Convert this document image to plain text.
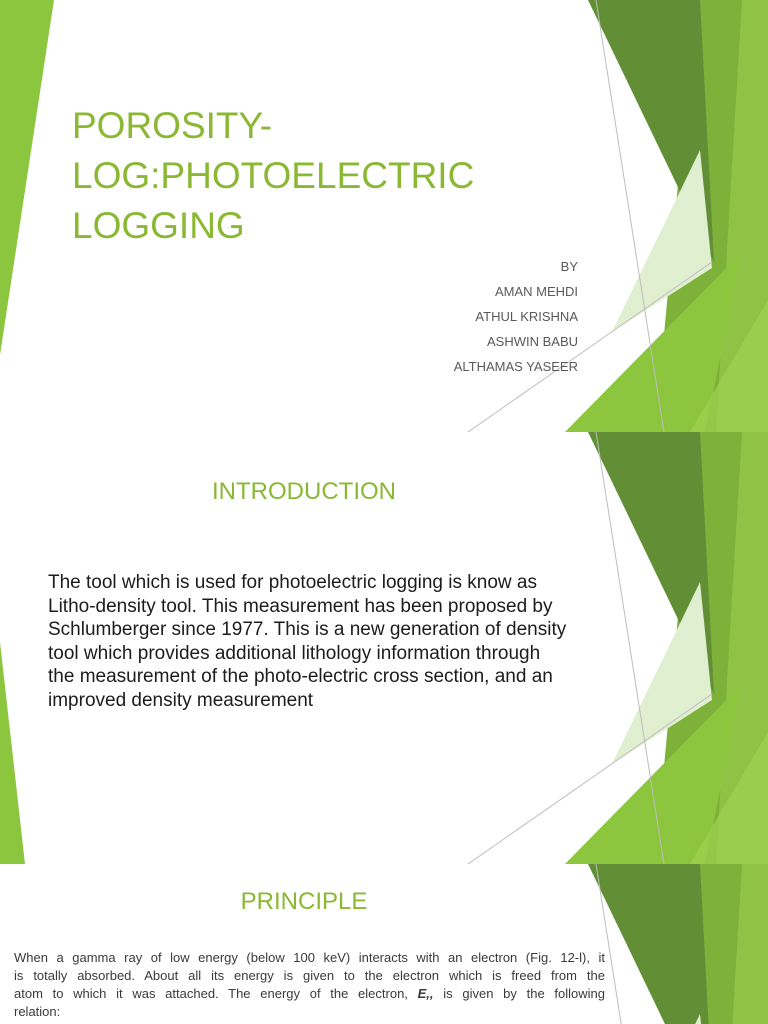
POROSITY-
LOG:PHOTOELECTRIC
LOGGING
BY
AMAN MEHDI
ATHUL KRISHNA
ASHWIN BABU
ALTHAMAS YASEER
INTRODUCTION
The tool which is used for photoelectric logging is know as
Litho-density tool. This measurement has been proposed by
Schlumberger since 1977. This is a new generation of density
tool which provides additional lithology information through
the measurement of the photo-electric cross section, and an
improved density measurement
PRINCIPLE
When a gamma ray of low energy (below 100 keV) interacts with an electron (Fig. 12-l), it
is totally absorbed. About all its energy is given to the electron which is freed from the
atom to which it was attached. The energy of the electron, E,, is given by the following
relation:
